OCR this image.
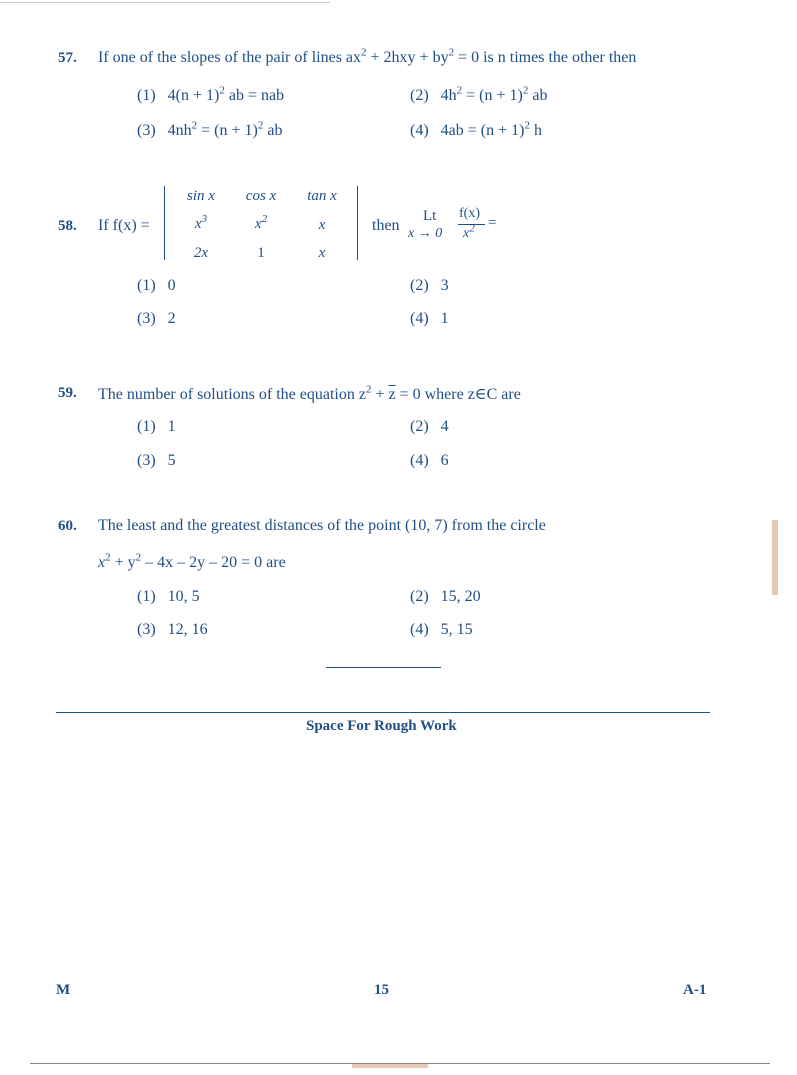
57. If one of the slopes of the pair of lines $ax^2 + 2hxy + by^2 = 0$ is n times the other then
(1) $4(n + 1)^2$ ab = nab	(2) $4h^2 = (n + 1)^2$ ab
(3) $4nh^2 = (n + 1)^2$ ab	(4) $4ab = (n + 1)^2$ h
58. If f(x) =
sin x	cos x	tan x
$x^3$	$x^2$	x
2x	1	x
then
Lt
x → 0
f(x)
$x^2$ =
(1) 0	(2) 3
(3) 2	(4) 1
59. The number of solutions of the equation $z^2 + \overline{z} = 0$ where z∈C are
(1) 1	(2) 4
(3) 5	(4) 6
60. The least and the greatest distances of the point (10, 7) from the circle
$x^2 + y^2 - 4x - 2y - 20 = 0$ are
(1) 10, 5	(2) 15, 20
(3) 12, 16	(4) 5, 15
Space For Rough Work
M	15	A-1
